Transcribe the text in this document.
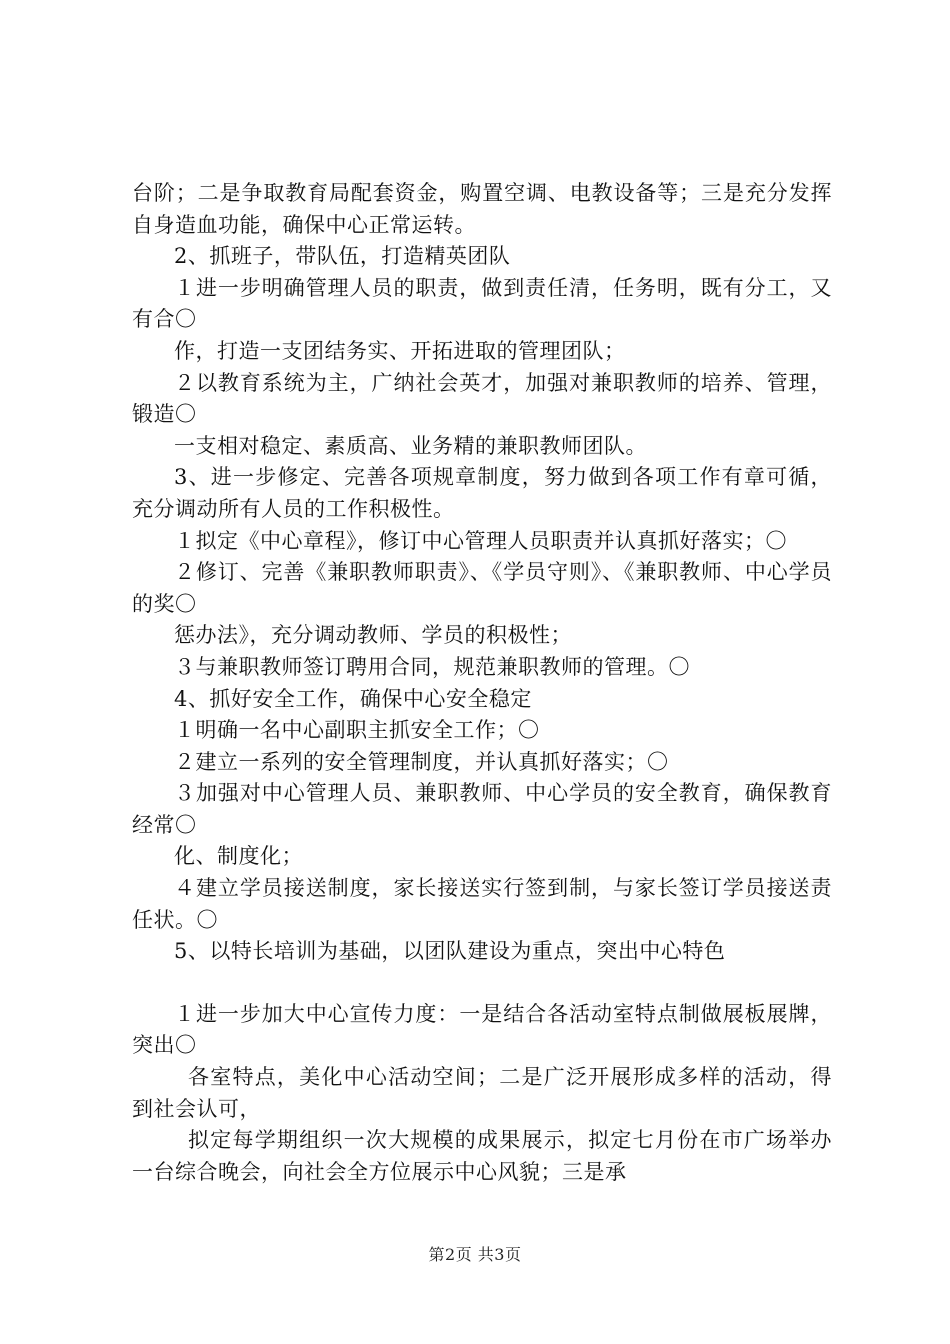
台阶；二是争取教育局配套资金，购置空调、电教设备等；三是充分发挥自身造血功能，确保中心正常运转。

2、抓班子，带队伍，打造精英团队

１进一步明确管理人员的职责，做到责任清，任务明，既有分工，又有合〇

作，打造一支团结务实、开拓进取的管理团队；

２以教育系统为主，广纳社会英才，加强对兼职教师的培养、管理，锻造〇

一支相对稳定、素质高、业务精的兼职教师团队。

3、进一步修定、完善各项规章制度，努力做到各项工作有章可循，充分调动所有人员的工作积极性。

１拟定《中心章程》，修订中心管理人员职责并认真抓好落实；〇

２修订、完善《兼职教师职责》、《学员守则》、《兼职教师、中心学员的奖〇

惩办法》，充分调动教师、学员的积极性；

３与兼职教师签订聘用合同，规范兼职教师的管理。〇

4、抓好安全工作，确保中心安全稳定

１明确一名中心副职主抓安全工作；〇

２建立一系列的安全管理制度，并认真抓好落实；〇

３加强对中心管理人员、兼职教师、中心学员的安全教育，确保教育经常〇

化、制度化；

４建立学员接送制度，家长接送实行签到制，与家长签订学员接送责任状。〇

5、以特长培训为基础，以团队建设为重点，突出中心特色

１进一步加大中心宣传力度：一是结合各活动室特点制做展板展牌，突出〇

各室特点，美化中心活动空间；二是广泛开展形成多样的活动，得到社会认可，

拟定每学期组织一次大规模的成果展示，拟定七月份在市广场举办一台综合晚会，向社会全方位展示中心风貌；三是承

第2页 共3页
